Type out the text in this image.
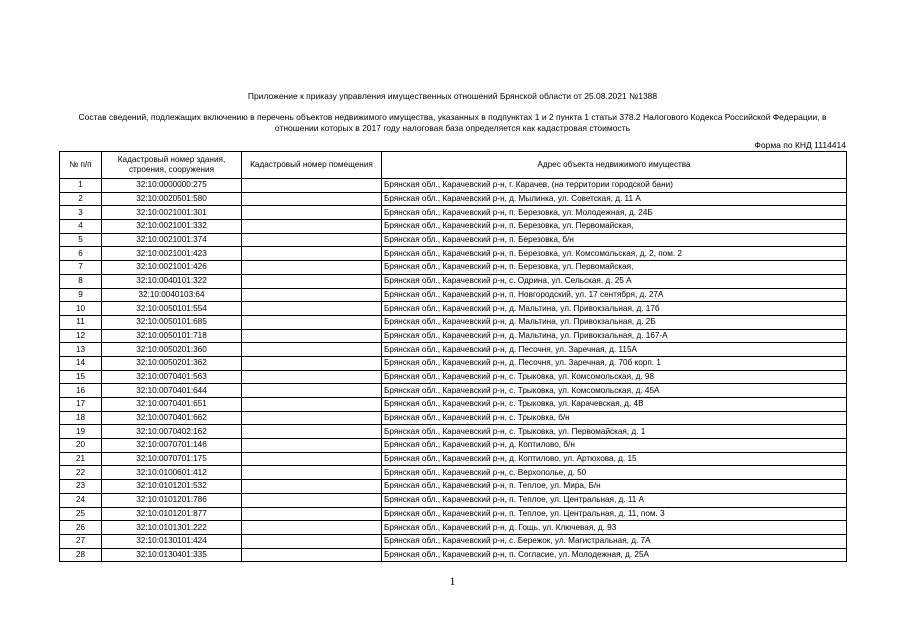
Приложение к приказу управления имущественных отношений Брянской области от 25.08.2021 №1388
Состав сведений, подлежащих включению в перечень объектов недвижимого имущества, указанных в подпунктах 1 и 2 пункта 1 статьи 378.2 Налогового Кодекса Российской Федерации, в
отношении которых в 2017 году налоговая база определяется как кадастровая стоимость
Форма по КНД 1114414
№ п/п	Кадастровый номер здания, строения, сооружения	Кадастровый номер помещения	Адрес объекта недвижимого имущества
1	32:10:0000000:275		Брянская обл., Карачевский р-н, г. Карачев, (на территории городской бани)
2	32:10:0020501:580		Брянская обл., Карачевский р-н, д. Мылинка, ул. Советская, д. 11 А
3	32:10:0021001:301		Брянская обл., Карачевский р-н, п. Березовка, ул. Молодежная, д. 24Б
4	32:10:0021001:332		Брянская обл., Карачевский р-н, п. Березовка, ул. Первомайская,
5	32:10:0021001:374		Брянская обл., Карачевский р-н, п. Березовка, б/н
6	32:10:0021001:423		Брянская обл., Карачевский р-н, п. Березовка, ул. Комсомольская, д. 2, пом. 2
7	32:10:0021001:426		Брянская обл., Карачевский р-н, п. Березовка, ул. Первомайская,
8	32:10:0040101:322		Брянская обл., Карачевский р-н, с. Одрина, ул. Сельская, д. 25 А
9	32:10:0040103:64		Брянская обл., Карачевский р-н, п. Новгородский, ул. 17 сентября, д. 27А
10	32:10:0050101:554		Брянская обл., Карачевский р-н, д. Мальтина, ул. Привокзальная, д. 17б
11	32:10:0050101:685		Брянская обл., Карачевский р-н, д. Мальтина, ул. Привокзальная, д. 2Б
12	32:10:0050101:718		Брянская обл., Карачевский р-н, д. Мальтина, ул. Привокзальная, д. 167-А
13	32:10:0050201:360		Брянская обл., Карачевский р-н, д. Песочня, ул. Заречная, д. 115А
14	32:10:0050201:362		Брянская обл., Карачевский р-н, д. Песочня, ул. Заречная, д. 70б корп. 1
15	32:10:0070401:563		Брянская обл., Карачевский р-н, с. Трыковка, ул. Комсомольская, д. 98
16	32:10:0070401:644		Брянская обл., Карачевский р-н, с. Трыковка, ул. Комсомольская, д. 45А
17	32:10:0070401:651		Брянская обл., Карачевский р-н, с. Трыковка, ул. Карачевская, д. 4В
18	32:10:0070401:662		Брянская обл., Карачевский р-н, с. Трыковка, б/н
19	32:10:0070402:162		Брянская обл., Карачевский р-н, с. Трыковка, ул. Первомайская, д. 1
20	32:10:0070701:146		Брянская обл., Карачевский р-н, д. Коптилово, б/н
21	32:10:0070701:175		Брянская обл., Карачевский р-н, д. Коптилово, ул. Артюхова, д. 15
22	32:10:0100601:412		Брянская обл., Карачевский р-н, с. Верхополье, д. 50
23	32:10:0101201:532		Брянская обл., Карачевский р-н, п. Теплое, ул. Мира, Б/н
24	32:10:0101201:786		Брянская обл., Карачевский р-н, п. Теплое, ул. Центральная, д. 11 А
25	32:10:0101201:877		Брянская обл., Карачевский р-н, п. Теплое, ул. Центральная, д. 11, пом. 3
26	32:10:0101301:222		Брянская обл., Карачевский р-н, д. Гощь, ул. Ключевая, д. 93
27	32:10:0130101:424		Брянская обл., Карачевский р-н, с. Бережок, ул. Магистральная, д. 7А
28	32:10:0130401:335		Брянская обл., Карачевский р-н, п. Согласие, ул. Молодежная, д. 25А
1
